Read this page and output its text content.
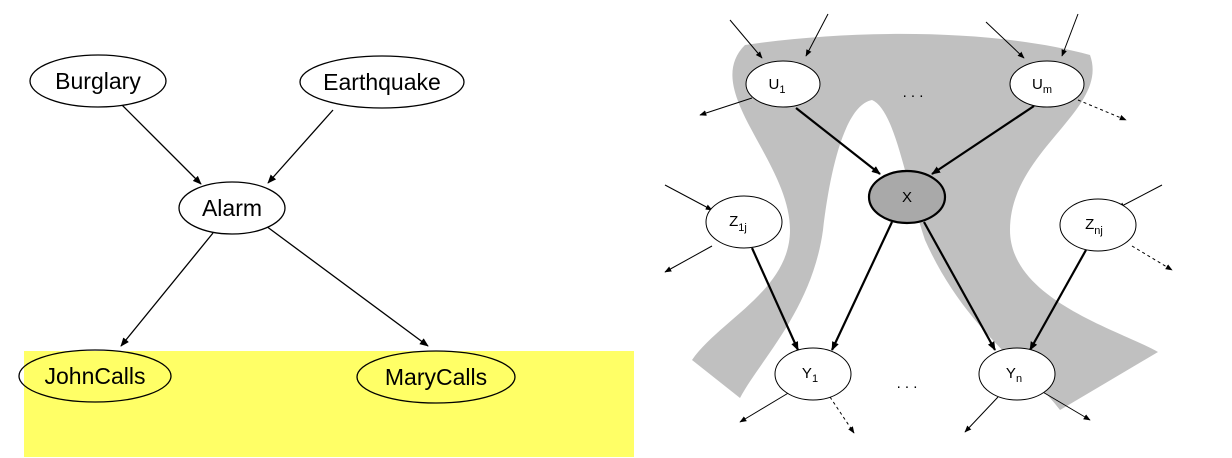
Burglary	Earthquake
Alarm
JohnCalls	MaryCalls
$U_1$	$U_m$
. . .
X
$Z_{1j}$	$Z_{nj}$
$Y_1$	. . .
$Y_n$
